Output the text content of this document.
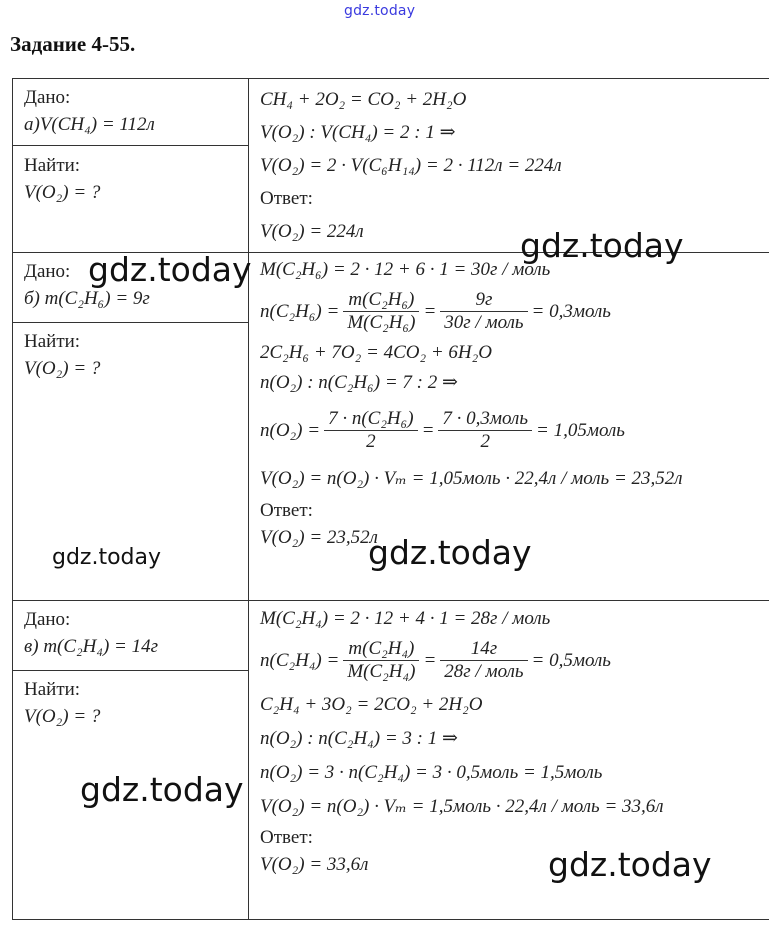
gdz.today
Задание 4-55.
Дано:
а)V(CH₄) = 112л
Найти:
V(O₂) = ?
CH₄ + 2O₂ = CO₂ + 2H₂O
V(O₂) : V(CH₄) = 2 : 1 ⇒
V(O₂) = 2 · V(C₆H₁₄) = 2 · 112л = 224л
Ответ:
V(O₂) = 224л
Дано:
б) m(C₂H₆) = 9г
Найти:
V(O₂) = ?
M(C₂H₆) = 2 · 12 + 6 · 1 = 30г / моль
$n(C_2H_6) = \frac{\text{m(C₂H₆)}}{\text{M(C₂H₆)}} = \frac{9г}{\text{30г / моль}}$ = 0,3моль
2C₂H₆ + 7O₂ = 4CO₂ + 6H₂O
n(O₂) : n(C₂H₆) = 7 : 2 ⇒
$n(O_2) = \frac{\text{7 · n(C₂H₆)}}{2} = \frac{\text{7 · 0,3моль}}{2}$ = 1,05моль
V(O₂) = n(O₂) · Vₘ = 1,05моль · 22,4л / моль = 23,52л
Ответ:
V(O₂) = 23,52л
Дано:
в) m(C₂H₄) = 14г
Найти:
V(O₂) = ?
M(C₂H₄) = 2 · 12 + 4 · 1 = 28г / моль
$n(C_2H_4) = \frac{\text{m(C₂H₄)}}{\text{M(C₂H₄)}} = \frac{14г}{\text{28г / моль}}$ = 0,5моль
C₂H₄ + 3O₂ = 2CO₂ + 2H₂O
n(O₂) : n(C₂H₄) = 3 : 1 ⇒
n(O₂) = 3 · n(C₂H₄) = 3 · 0,5моль = 1,5моль
V(O₂) = n(O₂) · Vₘ = 1,5моль · 22,4л / моль = 33,6л
Ответ:
V(O₂) = 33,6л
gdz.today
gdz.today
gdz.today	gdz.today
gdz.today
gdz.today
